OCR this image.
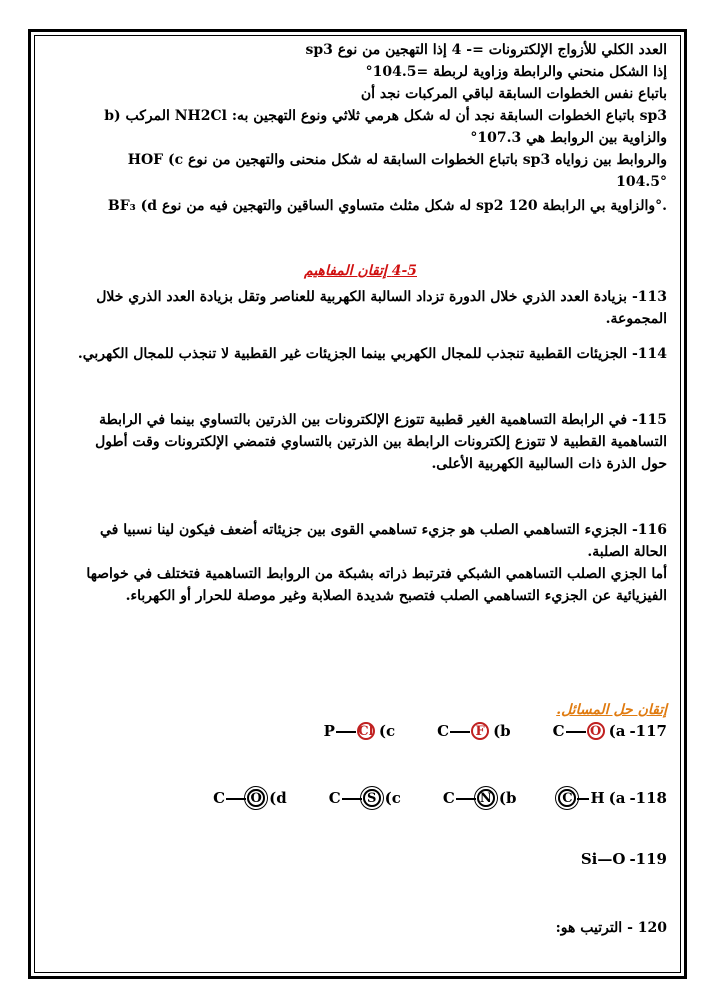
العدد الكلي للأزواج الإلكترونات =- 4 إذا التهجين من نوع sp3
إذا الشكل منحني والرابطة وزاوية لربطة =104.5°
باتباع نفس الخطوات السابقة لباقي المركبات نجد أن
b) المركب NH2Cl :باتباع الخطوات السابقة نجد أن له شكل هرمي ثلاثي ونوع التهجين به sp3
والزاوية بين الروابط هي 107.3°
HOF (c باتباع الخطوات السابقة له شكل منحنى والتهجين من نوع sp3 والروابط بين زواياه
104.5°
BF₃ (d له شكل مثلث متساوي الساقين والتهجين فيه من نوع sp2 والزاوية بي الرابطة 120°.
4-5 إتقان المفاهيم
113- بزيادة العدد الذري خلال الدورة تزداد السالبة الكهربية للعناصر وتقل بزيادة العدد الذري خلال
المجموعة.
114- الجزيئات القطبية تنجذب للمجال الكهربي بينما الجزيئات غير القطبية لا تنجذب للمجال الكهربي.
115- في الرابطة التساهمية الغير قطبية تتوزع الإلكترونات بين الذرتين بالتساوي بينما في الرابطة
التساهمية القطبية لا تتوزع إلكترونات الرابطة بين الذرتين بالتساوي فتمضي الإلكترونات وقت أطول
حول الذرة ذات السالبية الكهربية الأعلى.
116- الجزيء التساهمي الصلب هو جزيء تساهمي القوى بين جزيئاته أضعف فيكون لينا نسبيا في
الحالة الصلبة.
أما الجزي الصلب التساهمي الشبكي فترتبط ذراته بشبكة من الروابط التساهمية فتختلف في خواصها
الفيزيائية عن الجزيء التساهمي الصلب فتصبح شديدة الصلابة وغير موصلة للحرار أو الكهرباء.
إتقان حل المسائل.
P Cl (c	C	F (b	C O (a -117
C O (d	C	S (c	C N (b	C H (a -118
Si—O -119
120 - الترتيب هو:
